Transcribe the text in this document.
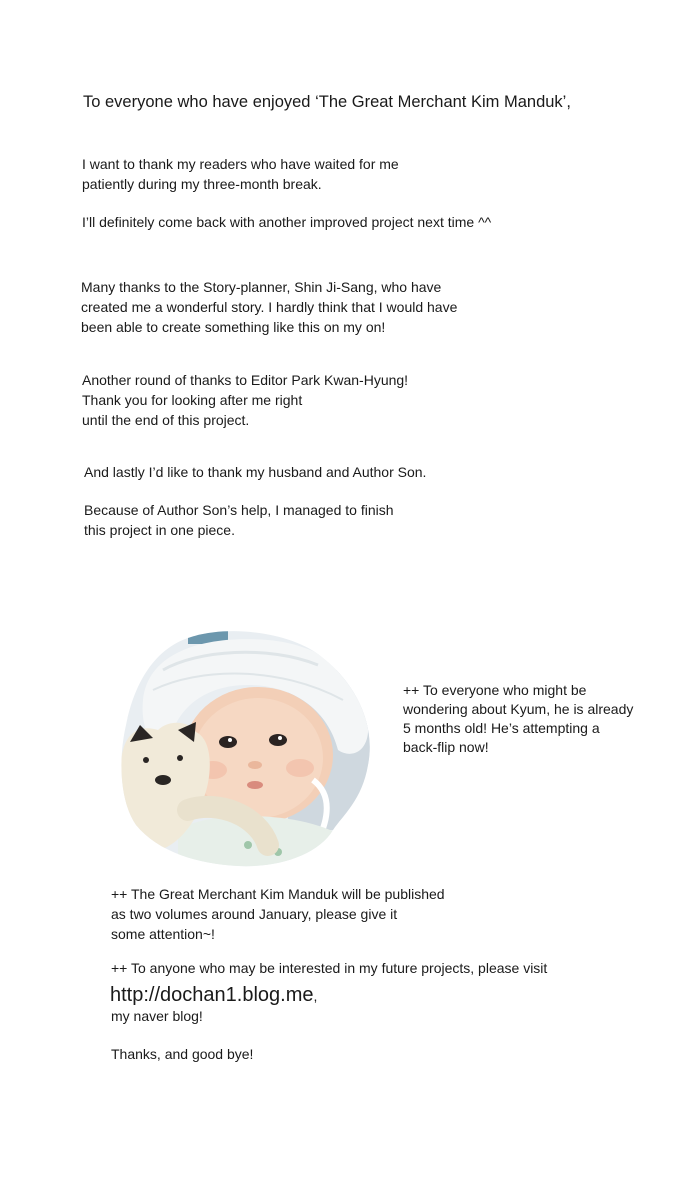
To everyone who have enjoyed ‘The Great Merchant Kim Manduk’,

I want to thank my readers who have waited for me

patiently during my three-month break.

I’ll definitely come back with another improved project next time ^^

Many thanks to the Story-planner, Shin Ji-Sang, who have

created me a wonderful story. I hardly think that I would have

been able to create something like this on my on!

Another round of thanks to Editor Park Kwan-Hyung!

Thank you for looking after me right

until the end of this project.

And lastly I’d like to thank my husband and Author Son.

Because of Author Son’s help, I managed to finish

this project in one piece.

++ To everyone who might be

wondering about Kyum, he is already

5 months old! He’s attempting a

back-flip now!

++ The Great Merchant Kim Manduk will be published

as two volumes around January, please give it

some attention~!

++ To anyone who may be interested in my future projects, please visit

http://dochan1.blog.me,

my naver blog!

Thanks, and good bye!
